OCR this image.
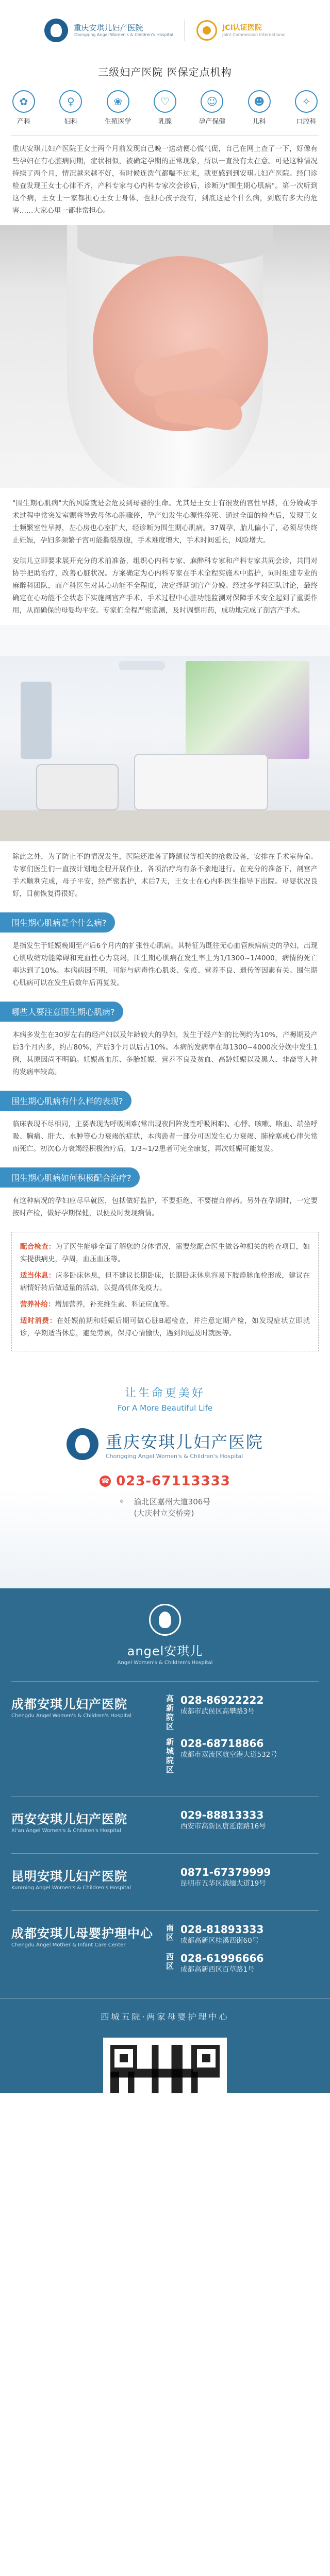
重庆安琪儿妇产医院
Chongqing Angel Women's & Children's Hospital
JCI认证医院
Joint Commission International
三级妇产医院 医保定点机构
✿
产科
♀
妇科
❀
生殖医学
♡
乳腺
☺
孕产保健
☻
儿科
✧
口腔科

重庆安琪儿妇产医院王女士两个月前发现自己晚一送动便心慌气促，自己在网上查了一下，好像有些孕妇在有心脏病同期，症状相似，被确定孕期的正常现象，所以一直没有太在意。可是这种情况持续了两个月，情况越来越不好，有时候连洗气都喘不过来，就更感到到安琪儿妇产医院。经门诊检查发现王女士心律不齐，产科专家与心内科专家次会诊后，诊断为"围生期心肌病"。第一次听到这个病，王女士一家都担心王女士身体，也担心孩子没有，到底这是个什么病，到底有多大的危害……大家心里一都非常担心。

"围生期心肌病"大的风险就是会危及到母婴的生命。尤其是王女士有很发的宫性早搏，在分娩或手术过程中常突发室颤将导致母体心脏骤停，孕产妇发生心源性猝死。通过全面的检查后，发现王女士频繁室性早搏，左心房也心室扩大，经诊断为围生期心肌病。37周孕，胎儿偏小了，必须尽快终止妊娠，孕妇多频繁子宫可能撕裂剖腹，手术难度增大，手术时间延长，风险增大。

安琪儿立即要求展开充分的术前准备，组织心内科专家、麻醉科专家和产科专家共同会诊，共同对协手把助治疗，改善心脏状况。方案确定为心内科专家在手术全程实施术中监护，同时组建专业的麻醉科团队，而产科医生对其心功能不全程度，决定择期剖宫产分娩。经过多学科团队讨论，最终确定在心功能不全状态下实施剖宫产手术，手术过程中心脏功能监测对保障手术安全起到了重要作用，从而确保的母婴均平安。专家们全程严密监测，及时调整用药，成功地完成了剖宫产手术。

除此之外，为了防止不的情况发生，医院还准备了降额仪等相关的抢救设备，安排在手术室待命。专家们医生们一直按计划地全程开展作业，各项治疗均有条不紊地进行。在充分的准备下，剖宫产手术顺利完成，母子平安，经严密监护，术后7天，王女士在心内科医生指导下出院。母婴状况良好，目前恢复得很好。

围生期心肌病是个什么病?

是指发生于妊娠晚期至产后6个月内的扩张性心肌病。其特征为既往无心血管疾病病史的孕妇，出现心肌收缩功能障碍和充血性心力衰竭，围生期心肌病在发生率上为1/1300~1/4000，病情的死亡率达到了10%。本病病因不明，可能与病毒性心肌炎、免疫、营养不良、遗传等因素有关。围生期心肌病可以在发生后数年后再复发。

哪些人要注意围生期心肌病?

本病多发生在30岁左右的经产妇以及年龄较大的孕妇，发生于经产妇的比例约为10%，产褥期及产后3个月内多，约占80%，产后3个月以后占10%。本病的发病率在每1300~4000次分娩中发生1例，其原因尚不明确。妊娠高血压、多胎妊娠、营养不良及贫血、高龄妊娠以及黑人、非裔等人种的发病率较高。

围生期心肌病有什么样的表现?

临床表现不尽相同，主要表现为呼吸困难(常出现夜间阵发性呼吸困难)、心悸、咳嗽、咯血、端坐呼吸、胸痛、肝大、水肿等心力衰竭的症状，本病患者一部分可因发生心力衰竭、肺栓塞或心律失常而死亡。初次心力衰竭经积极治疗后，1/3~1/2患者可完全康复，再次妊娠可能复发。

围生期心肌病如何积极配合治疗?

有这种病况的孕妇应尽早就医，包括做好监护，不要拒绝、不要擅自停药。另外在孕期时，一定要按时产检，做好孕期保健，以便及时发现病情。

配合检查：为了医生能够全面了解您的身体情况，需要您配合医生做各种相关的检查项目，如实提供病史，孕周，血压血压等。
适当休息：应多卧床休息，但不建议长期卧床，长期卧床休息容易下肢静脉血栓形成，建议在病情好转后做适量的活动，以提高机体免疫力。
营养补给：增加营养，补充维生素、科证应血等。
适时消费：在妊娠前期和妊娠后期可做心脏B超检查，并注意定期产检，如发现症状立即就诊，孕期适当休息，避免劳累，保持心情愉快，遇到问题及时就医等。
让生命更美好
For A More Beautiful Life
重庆安琪儿妇产医院
Chongqing Angel Women's & Children's Hospital
☎ 023-67113333
⌖	渝北区嘉州大道306号
(大庆村立交桥旁)
angel安琪儿
Angel Women's & Children's Hospital
成都安琪儿妇产医院
Chengdu Angel Women's & Children's Hospital
高新院区
028-86922222
成都市武侯区高攀路3号
新城院区
028-68718866
成都市双流区航空港大道532号
西安安琪儿妇产医院
Xi'an Angel Women's & Children's Hospital
029-88813333
西安市高新区唐延南路16号
昆明安琪儿妇产医院
Kunming Angel Women's & Children's Hospital
0871-67379999
昆明市五华区滇缅大道19号
成都安琪儿母婴护理中心
Chengdu Angel Mother & Infant Care Center
南区
028-81893333
成都高新区桂溪西街60号
西区
028-61996666
成都高新西区百草路1号
四城五院·两家母婴护理中心
